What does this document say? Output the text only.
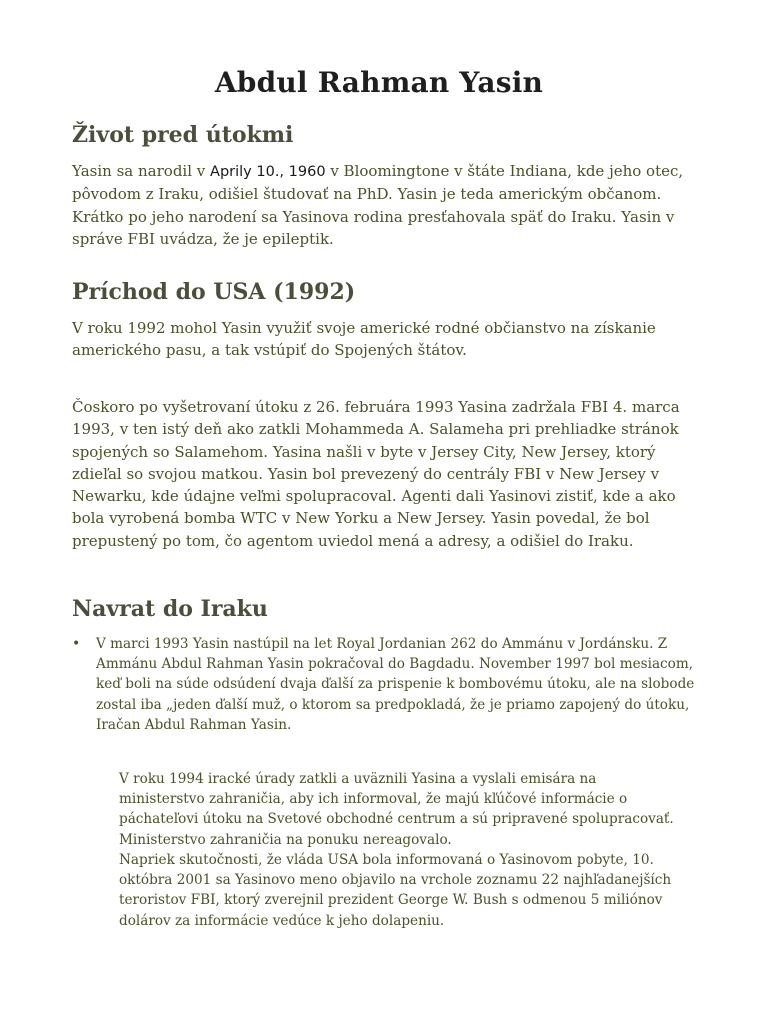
Abdul Rahman Yasin
Život pred útokmi

Yasin sa narodil v Aprily 10., 1960 v Bloomingtone v štáte Indiana, kde jeho otec, pôvodom z Iraku, odišiel študovať na PhD. Yasin je teda americkým občanom. Krátko po jeho narodení sa Yasinova rodina presťahovala späť do Iraku. Yasin v správe FBI uvádza, že je epileptik.

Príchod do USA (1992)

V roku 1992 mohol Yasin využiť svoje americké rodné občianstvo na získanie amerického pasu, a tak vstúpiť do Spojených štátov.

Čoskoro po vyšetrovaní útoku z 26. februára 1993 Yasina zadržala FBI 4. marca 1993, v ten istý deň ako zatkli Mohammeda A. Salameha pri prehliadke stránok spojených so Salamehom. Yasina našli v byte v Jersey City, New Jersey, ktorý zdieľal so svojou matkou. Yasin bol prevezený do centrály FBI v New Jersey v Newarku, kde údajne veľmi spolupracoval. Agenti dali Yasinovi zistiť, kde a ako bola vyrobená bomba WTC v New Yorku a New Jersey. Yasin povedal, že bol prepustený po tom, čo agentom uviedol mená a adresy, a odišiel do Iraku.

Navrat do Iraku
• V marci 1993 Yasin nastúpil na let Royal Jordanian 262 do Ammánu v Jordánsku. Z Ammánu Abdul Rahman Yasin pokračoval do Bagdadu. November 1997 bol mesiacom, keď boli na súde odsúdení dvaja ďalší za prispenie k bombovému útoku, ale na slobode zostal iba „jeden ďalší muž, o ktorom sa predpokladá, že je priamo zapojený do útoku, Iračan Abdul Rahman Yasin.

V roku 1994 iracké úrady zatkli a uväznili Yasina a vyslali emisára na ministerstvo zahraničia, aby ich informoval, že majú kľúčové informácie o páchateľovi útoku na Svetové obchodné centrum a sú pripravené spolupracovať. Ministerstvo zahraničia na ponuku nereagovalo.

Napriek skutočnosti, že vláda USA bola informovaná o Yasinovom pobyte, 10. októbra 2001 sa Yasinovo meno objavilo na vrchole zoznamu 22 najhľadanejších teroristov FBI, ktorý zverejnil prezident George W. Bush s odmenou 5 miliónov dolárov za informácie vedúce k jeho dolapeniu.
